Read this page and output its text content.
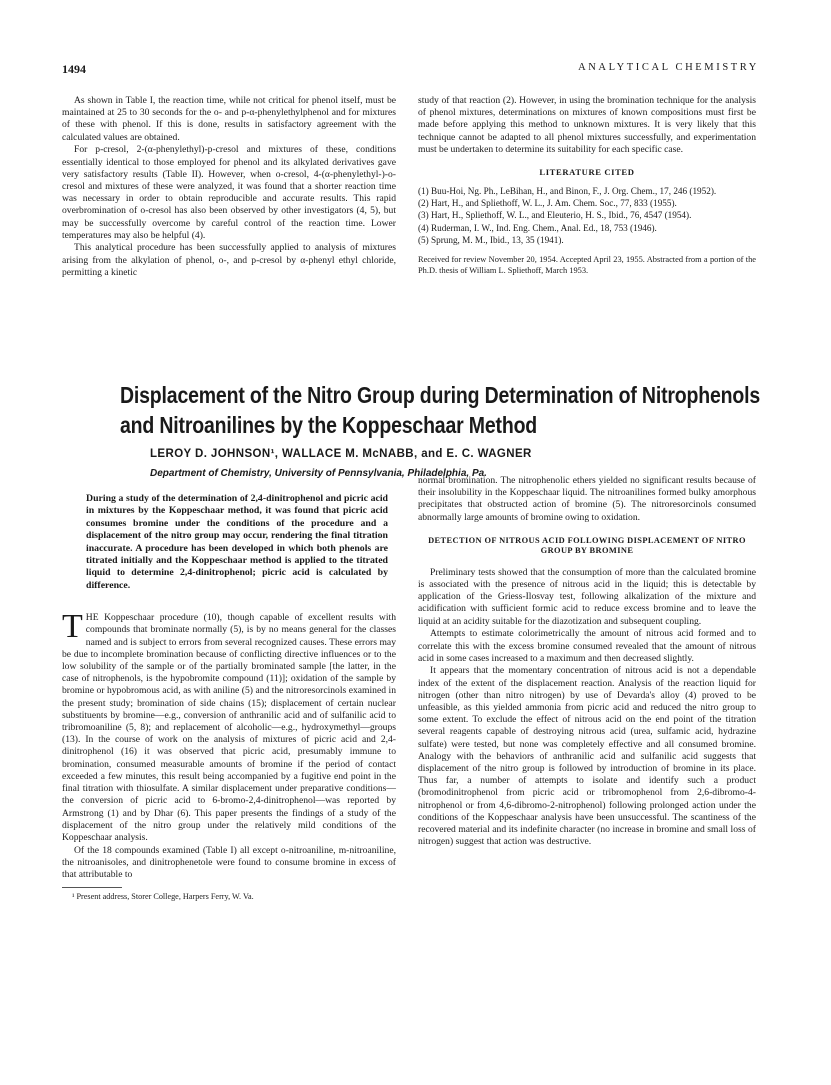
1494	ANALYTICAL CHEMISTRY

As shown in Table I, the reaction time, while not critical for phenol itself, must be maintained at 25 to 30 seconds for the o- and p-α-phenylethylphenol and for mixtures of these with phenol. If this is done, results in satisfactory agreement with the calculated values are obtained.

For p-cresol, 2-(α-phenylethyl)-p-cresol and mixtures of these, conditions essentially identical to those employed for phenol and its alkylated derivatives gave very satisfactory results (Table II). However, when o-cresol, 4-(α-phenylethyl-)-o-cresol and mixtures of these were analyzed, it was found that a shorter reaction time was necessary in order to obtain reproducible and accurate results. This rapid overbromination of o-cresol has also been observed by other investigators (4, 5), but may be successfully overcome by careful control of the reaction time. Lower temperatures may also be helpful (4).

This analytical procedure has been successfully applied to analysis of mixtures arising from the alkylation of phenol, o-, and p-cresol by α-phenyl ethyl chloride, permitting a kinetic

study of that reaction (2). However, in using the bromination technique for the analysis of phenol mixtures, determinations on mixtures of known compositions must first be made before applying this method to unknown mixtures. It is very likely that this technique cannot be adapted to all phenol mixtures successfully, and experimentation must be undertaken to determine its suitability for each specific case.

LITERATURE CITED
(1) Buu-Hoi, Ng. Ph., LeBihan, H., and Binon, F., J. Org. Chem., 17, 246 (1952).
(2) Hart, H., and Spliethoff, W. L., J. Am. Chem. Soc., 77, 833 (1955).
(3) Hart, H., Spliethoff, W. L., and Eleuterio, H. S., Ibid., 76, 4547 (1954).
(4) Ruderman, I. W., Ind. Eng. Chem., Anal. Ed., 18, 753 (1946).
(5) Sprung, M. M., Ibid., 13, 35 (1941).

Received for review November 20, 1954. Accepted April 23, 1955. Abstracted from a portion of the Ph.D. thesis of William L. Spliethoff, March 1953.

Displacement of the Nitro Group during Determination of Nitrophenols
and Nitroanilines by the Koppeschaar Method
LEROY D. JOHNSON¹, WALLACE M. McNABB, and E. C. WAGNER
Department of Chemistry, University of Pennsylvania, Philadelphia, Pa.
During a study of the determination of 2,4-dinitrophenol and picric acid in mixtures by the Koppeschaar method, it was found that picric acid consumes bromine under the conditions of the procedure and a displacement of the nitro group may occur, rendering the final titration inaccurate. A procedure has been developed in which both phenols are titrated initially and the Koppeschaar method is applied to the titrated liquid to determine 2,4-dinitrophenol; picric acid is calculated by difference.

THE Koppeschaar procedure (10), though capable of excellent results with compounds that brominate normally (5), is by no means general for the classes named and is subject to errors from several recognized causes. These errors may be due to incomplete bromination because of conflicting directive influences or to the low solubility of the sample or of the partially brominated sample [the latter, in the case of nitrophenols, is the hypobromite compound (11)]; oxidation of the sample by bromine or hypobromous acid, as with aniline (5) and the nitroresorcinols examined in the present study; bromination of side chains (15); displacement of certain nuclear substituents by bromine—e.g., conversion of anthranilic acid and of sulfanilic acid to tribromoaniline (5, 8); and replacement of alcoholic—e.g., hydroxymethyl—groups (13). In the course of work on the analysis of mixtures of picric acid and 2,4-dinitrophenol (16) it was observed that picric acid, presumably immune to bromination, consumed measurable amounts of bromine if the period of contact exceeded a few minutes, this result being accompanied by a fugitive end point in the final titration with thiosulfate. A similar displacement under preparative conditions—the conversion of picric acid to 6-bromo-2,4-dinitrophenol—was reported by Armstrong (1) and by Dhar (6). This paper presents the findings of a study of the displacement of the nitro group under the relatively mild conditions of the Koppeschaar analysis.

Of the 18 compounds examined (Table I) all except o-nitroaniline, m-nitroaniline, the nitroanisoles, and dinitrophenetole were found to consume bromine in excess of that attributable to

¹ Present address, Storer College, Harpers Ferry, W. Va.

normal bromination. The nitrophenolic ethers yielded no significant results because of their insolubility in the Koppeschaar liquid. The nitroanilines formed bulky amorphous precipitates that obstructed action of bromine (5). The nitroresorcinols consumed abnormally large amounts of bromine owing to oxidation.

DETECTION OF NITROUS ACID FOLLOWING DISPLACEMENT OF NITRO GROUP BY BROMINE

Preliminary tests showed that the consumption of more than the calculated bromine is associated with the presence of nitrous acid in the liquid; this is detectable by application of the Griess-Ilosvay test, following alkalization of the mixture and acidification with sufficient formic acid to reduce excess bromine and to leave the liquid at an acidity suitable for the diazotization and subsequent coupling.

Attempts to estimate colorimetrically the amount of nitrous acid formed and to correlate this with the excess bromine consumed revealed that the amount of nitrous acid in some cases increased to a maximum and then decreased slightly.

It appears that the momentary concentration of nitrous acid is not a dependable index of the extent of the displacement reaction. Analysis of the reaction liquid for nitrogen (other than nitro nitrogen) by use of Devarda's alloy (4) proved to be unfeasible, as this yielded ammonia from picric acid and reduced the nitro group to some extent. To exclude the effect of nitrous acid on the end point of the titration several reagents capable of destroying nitrous acid (urea, sulfamic acid, hydrazine sulfate) were tested, but none was completely effective and all consumed bromine. Analogy with the behaviors of anthranilic acid and sulfanilic acid suggests that displacement of the nitro group is followed by introduction of bromine in its place. Thus far, a number of attempts to isolate and identify such a product (bromodinitrophenol from picric acid or tribromophenol from 2,6-dibromo-4-nitrophenol or from 4,6-dibromo-2-nitrophenol) following prolonged action under the conditions of the Koppeschaar analysis have been unsuccessful. The scantiness of the recovered material and its indefinite character (no increase in bromine and small loss of nitrogen) suggest that action was destructive.
